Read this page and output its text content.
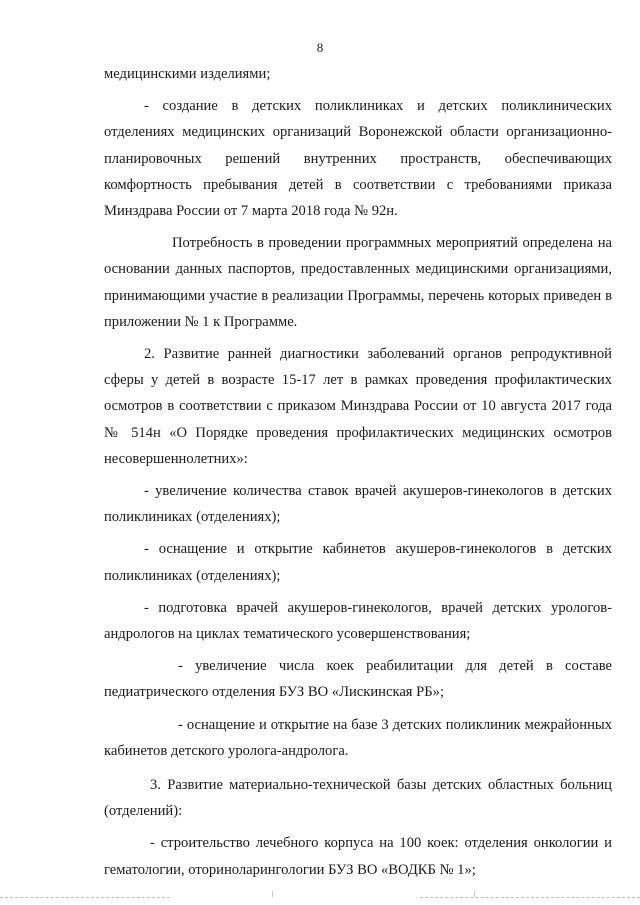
8

медицинскими изделиями;

- создание в детских поликлиниках и детских поликлинических отделениях медицинских организаций Воронежской области организационно-планировочных решений внутренних пространств, обеспечивающих комфортность пребывания детей в соответствии с требованиями приказа Минздрава России от 7 марта 2018 года № 92н.

Потребность в проведении программных мероприятий определена на основании данных паспортов, предоставленных медицинскими организациями, принимающими участие в реализации Программы, перечень которых приведен в приложении № 1 к Программе.

2. Развитие ранней диагностики заболеваний органов репродуктивной сферы у детей в возрасте 15-17 лет в рамках проведения профилактических осмотров в соответствии с приказом Минздрава России от 10 августа 2017 года № 514н «О Порядке проведения профилактических медицинских осмотров несовершеннолетних»:

- увеличение количества ставок врачей акушеров-гинекологов в детских поликлиниках (отделениях);

- оснащение и открытие кабинетов акушеров-гинекологов в детских поликлиниках (отделениях);

- подготовка врачей акушеров-гинекологов, врачей детских урологов-андрологов на циклах тематического усовершенствования;

- увеличение числа коек реабилитации для детей в составе педиатрического отделения БУЗ ВО «Лискинская РБ»;

- оснащение и открытие на базе 3 детских поликлиник межрайонных кабинетов детского уролога-андролога.

3. Развитие материально-технической базы детских областных больниц (отделений):

- строительство лечебного корпуса на 100 коек: отделения онкологии и гематологии, оториноларингологии БУЗ ВО «ВОДКБ № 1»;
